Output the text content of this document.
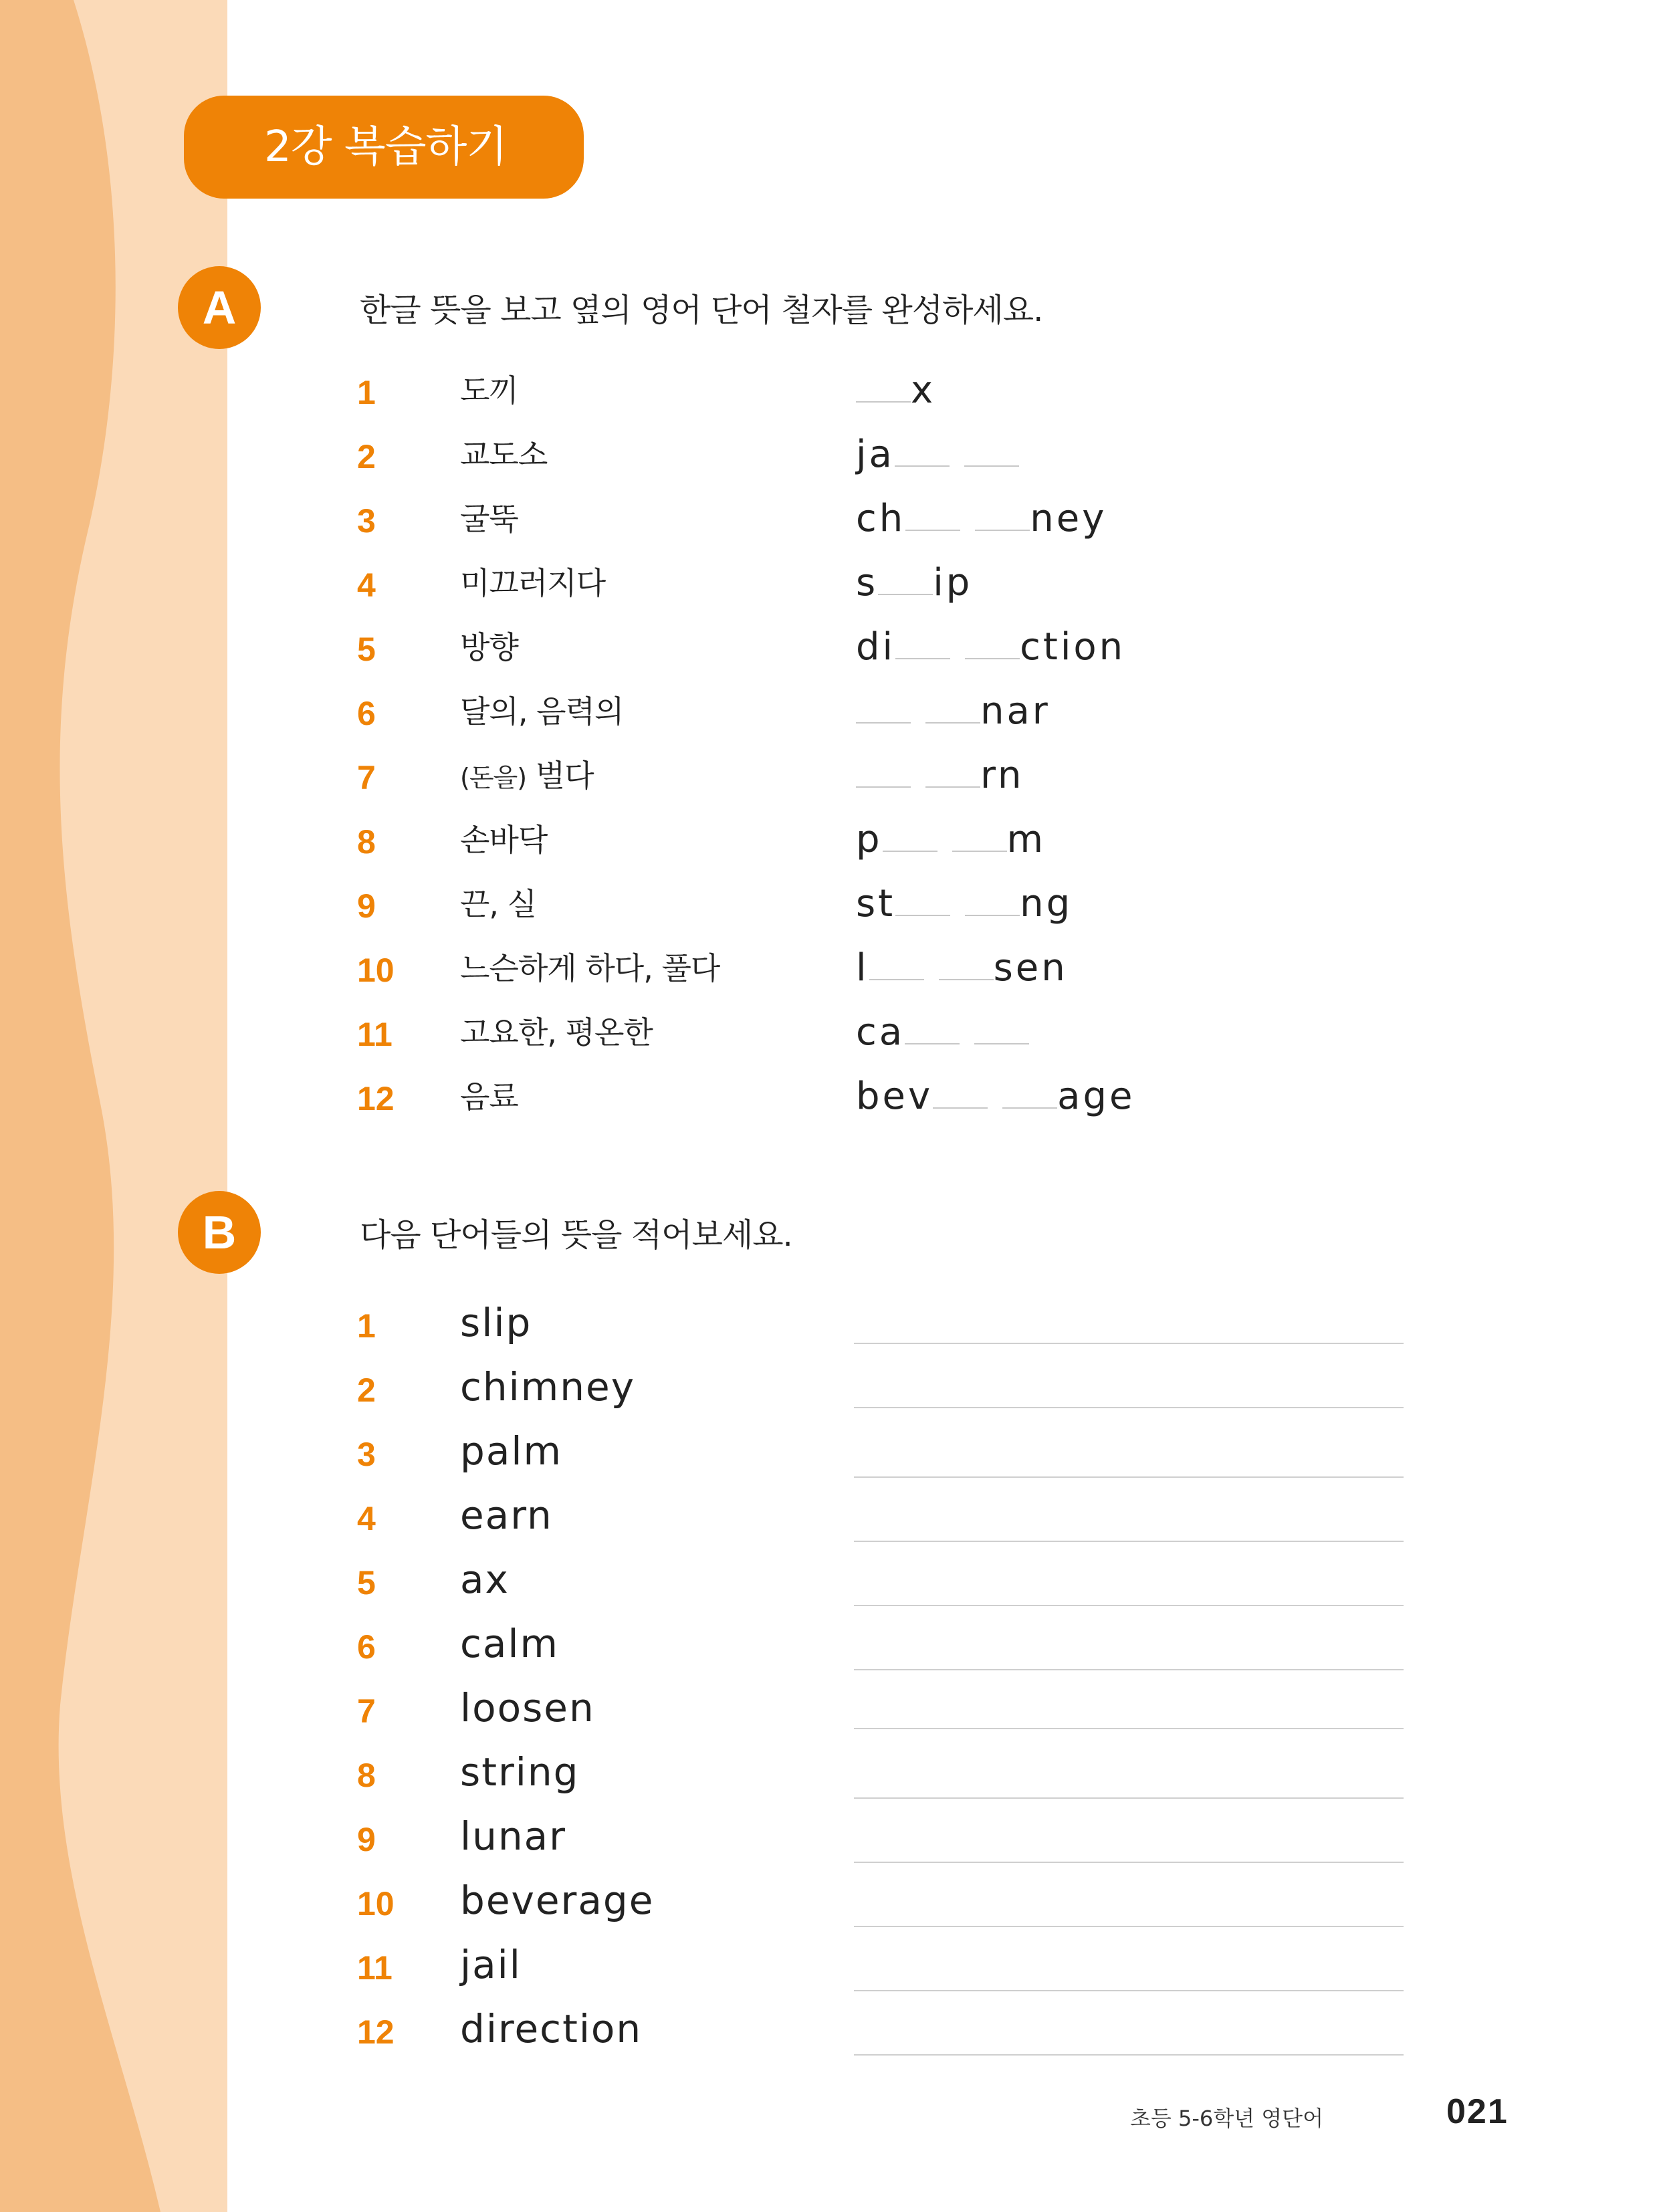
2강 복습하기
A	한글 뜻을 보고 옆의 영어 단어 철자를 완성하세요.
1	도끼	x
2	교도소	ja
3	굴뚝	ch	ney
4	미끄러지다	s ip
5	방향	di	ction
6	달의, 음력의	nar
7	(돈을) 벌다	rn
8	손바닥	p	m
9	끈, 실	st	ng
10 느슨하게 하다, 풀다	l	sen
11 고요한, 평온한	ca
12 음료	bev	age
B	다음 단어들의 뜻을 적어보세요.
1 slip
2 chimney
3 palm
4 earn
5 ax
6 calm
7 loosen
8 string
9 lunar
10 beverage
11 jail
12 direction
초등 5-6학년 영단어	021
